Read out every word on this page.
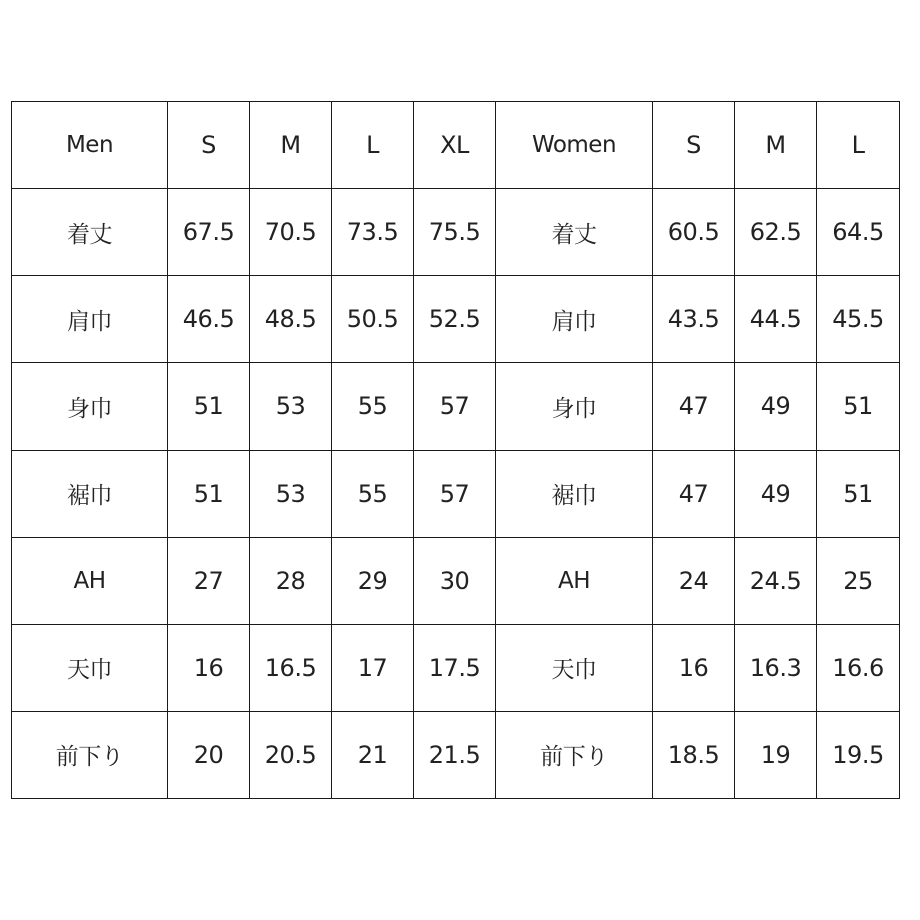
Men	S	M	L	XL	Women	S	M	L
着丈	67.5	70.5	73.5	75.5	着丈	60.5	62.5	64.5
肩巾	46.5	48.5	50.5	52.5	肩巾	43.5	44.5	45.5
身巾	51	53	55	57	身巾	47	49	51
裾巾	51	53	55	57	裾巾	47	49	51
AH	27	28	29	30	AH	24	24.5	25
天巾	16	16.5	17	17.5	天巾	16	16.3	16.6
前下り	20	20.5	21	21.5	前下り	18.5	19	19.5
